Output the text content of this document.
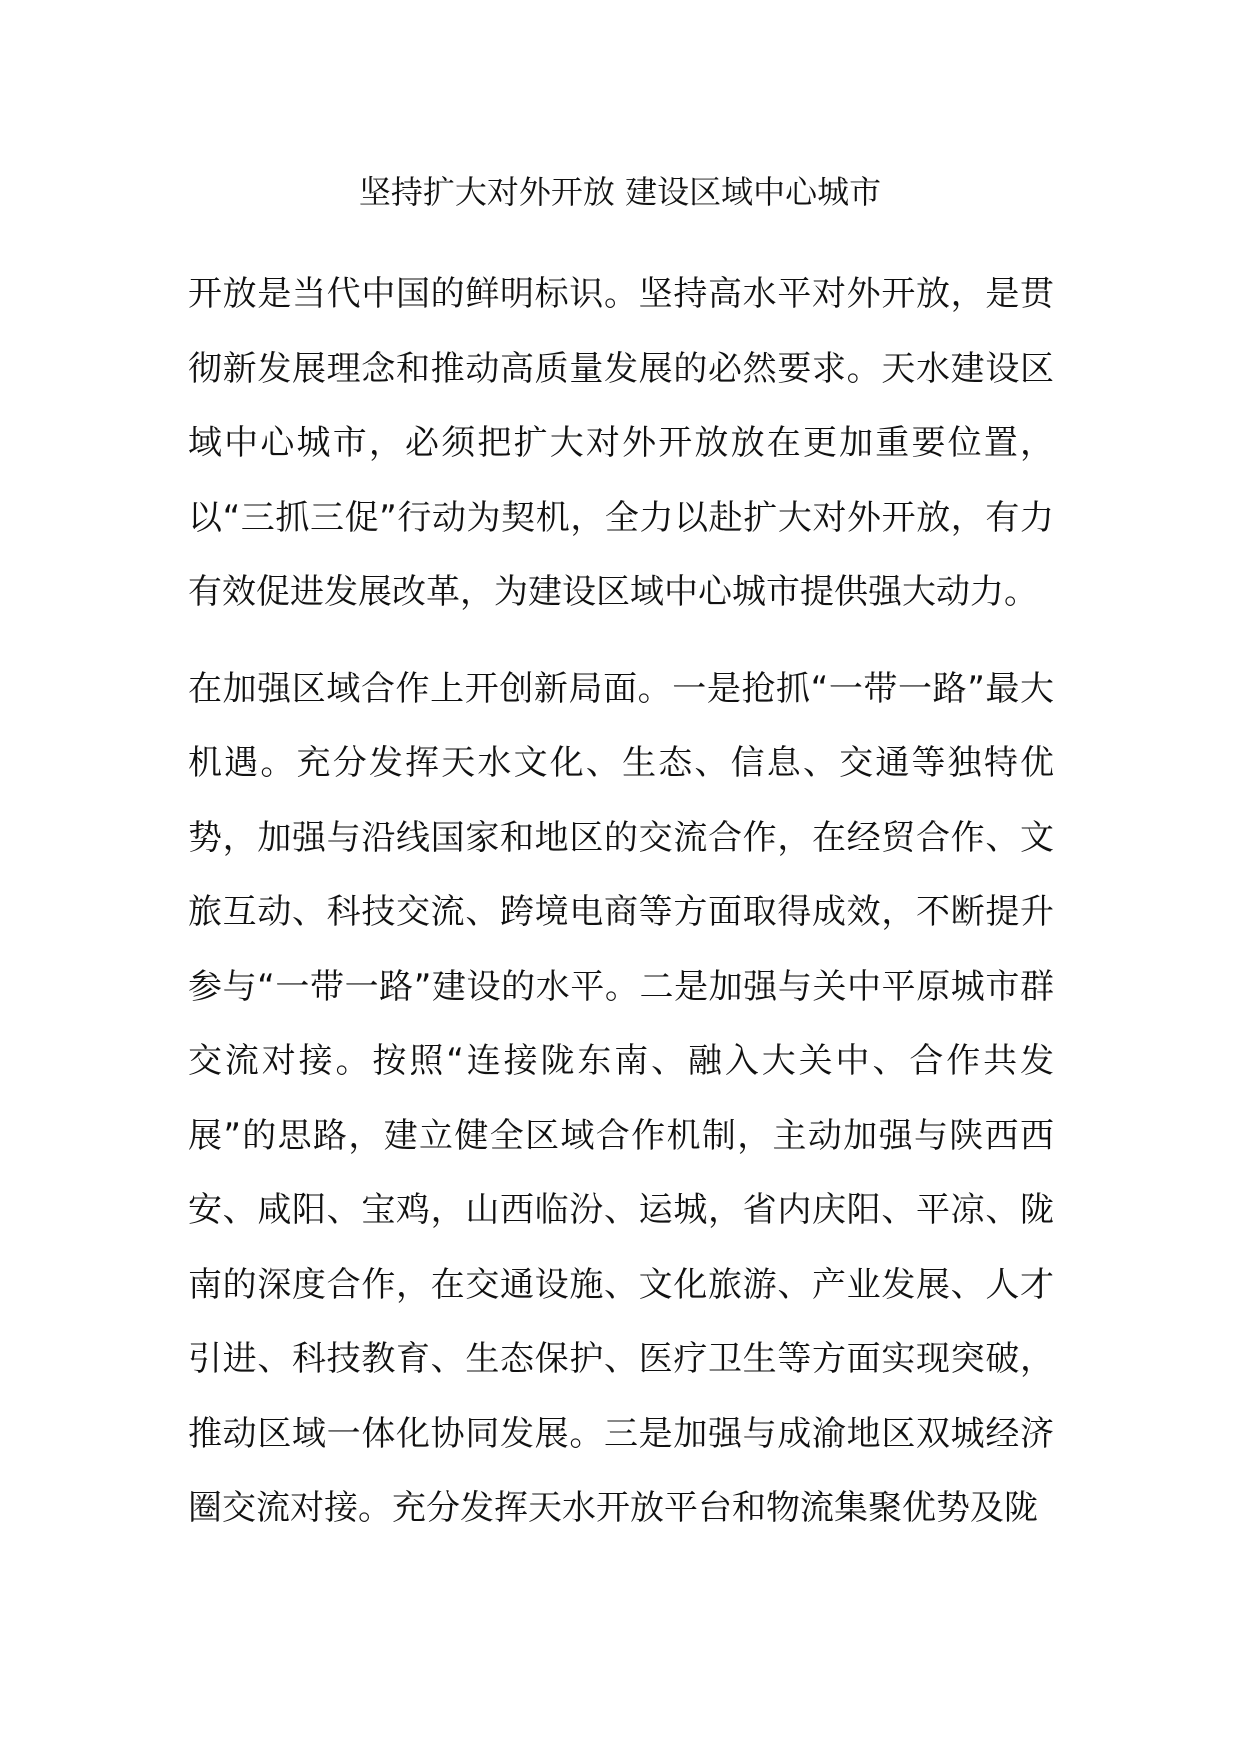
坚持扩大对外开放 建设区域中心城市

开放是当代中国的鲜明标识。坚持高水平对外开放，是贯彻新发展理念和推动高质量发展的必然要求。天水建设区域中心城市，必须把扩大对外开放放在更加重要位置，以“三抓三促”行动为契机，全力以赴扩大对外开放，有力有效促进发展改革，为建设区域中心城市提供强大动力。

在加强区域合作上开创新局面。一是抢抓“一带一路”最大机遇。充分发挥天水文化、生态、信息、交通等独特优势，加强与沿线国家和地区的交流合作，在经贸合作、文旅互动、科技交流、跨境电商等方面取得成效，不断提升参与“一带一路”建设的水平。二是加强与关中平原城市群交流对接。按照“连接陇东南、融入大关中、合作共发展”的思路，建立健全区域合作机制，主动加强与陕西西安、咸阳、宝鸡，山西临汾、运城，省内庆阳、平凉、陇南的深度合作，在交通设施、文化旅游、产业发展、人才引进、科技教育、生态保护、医疗卫生等方面实现突破，推动区域一体化协同发展。三是加强与成渝地区双城经济圈交流对接。充分发挥天水开放平台和物流集聚优势及陇
